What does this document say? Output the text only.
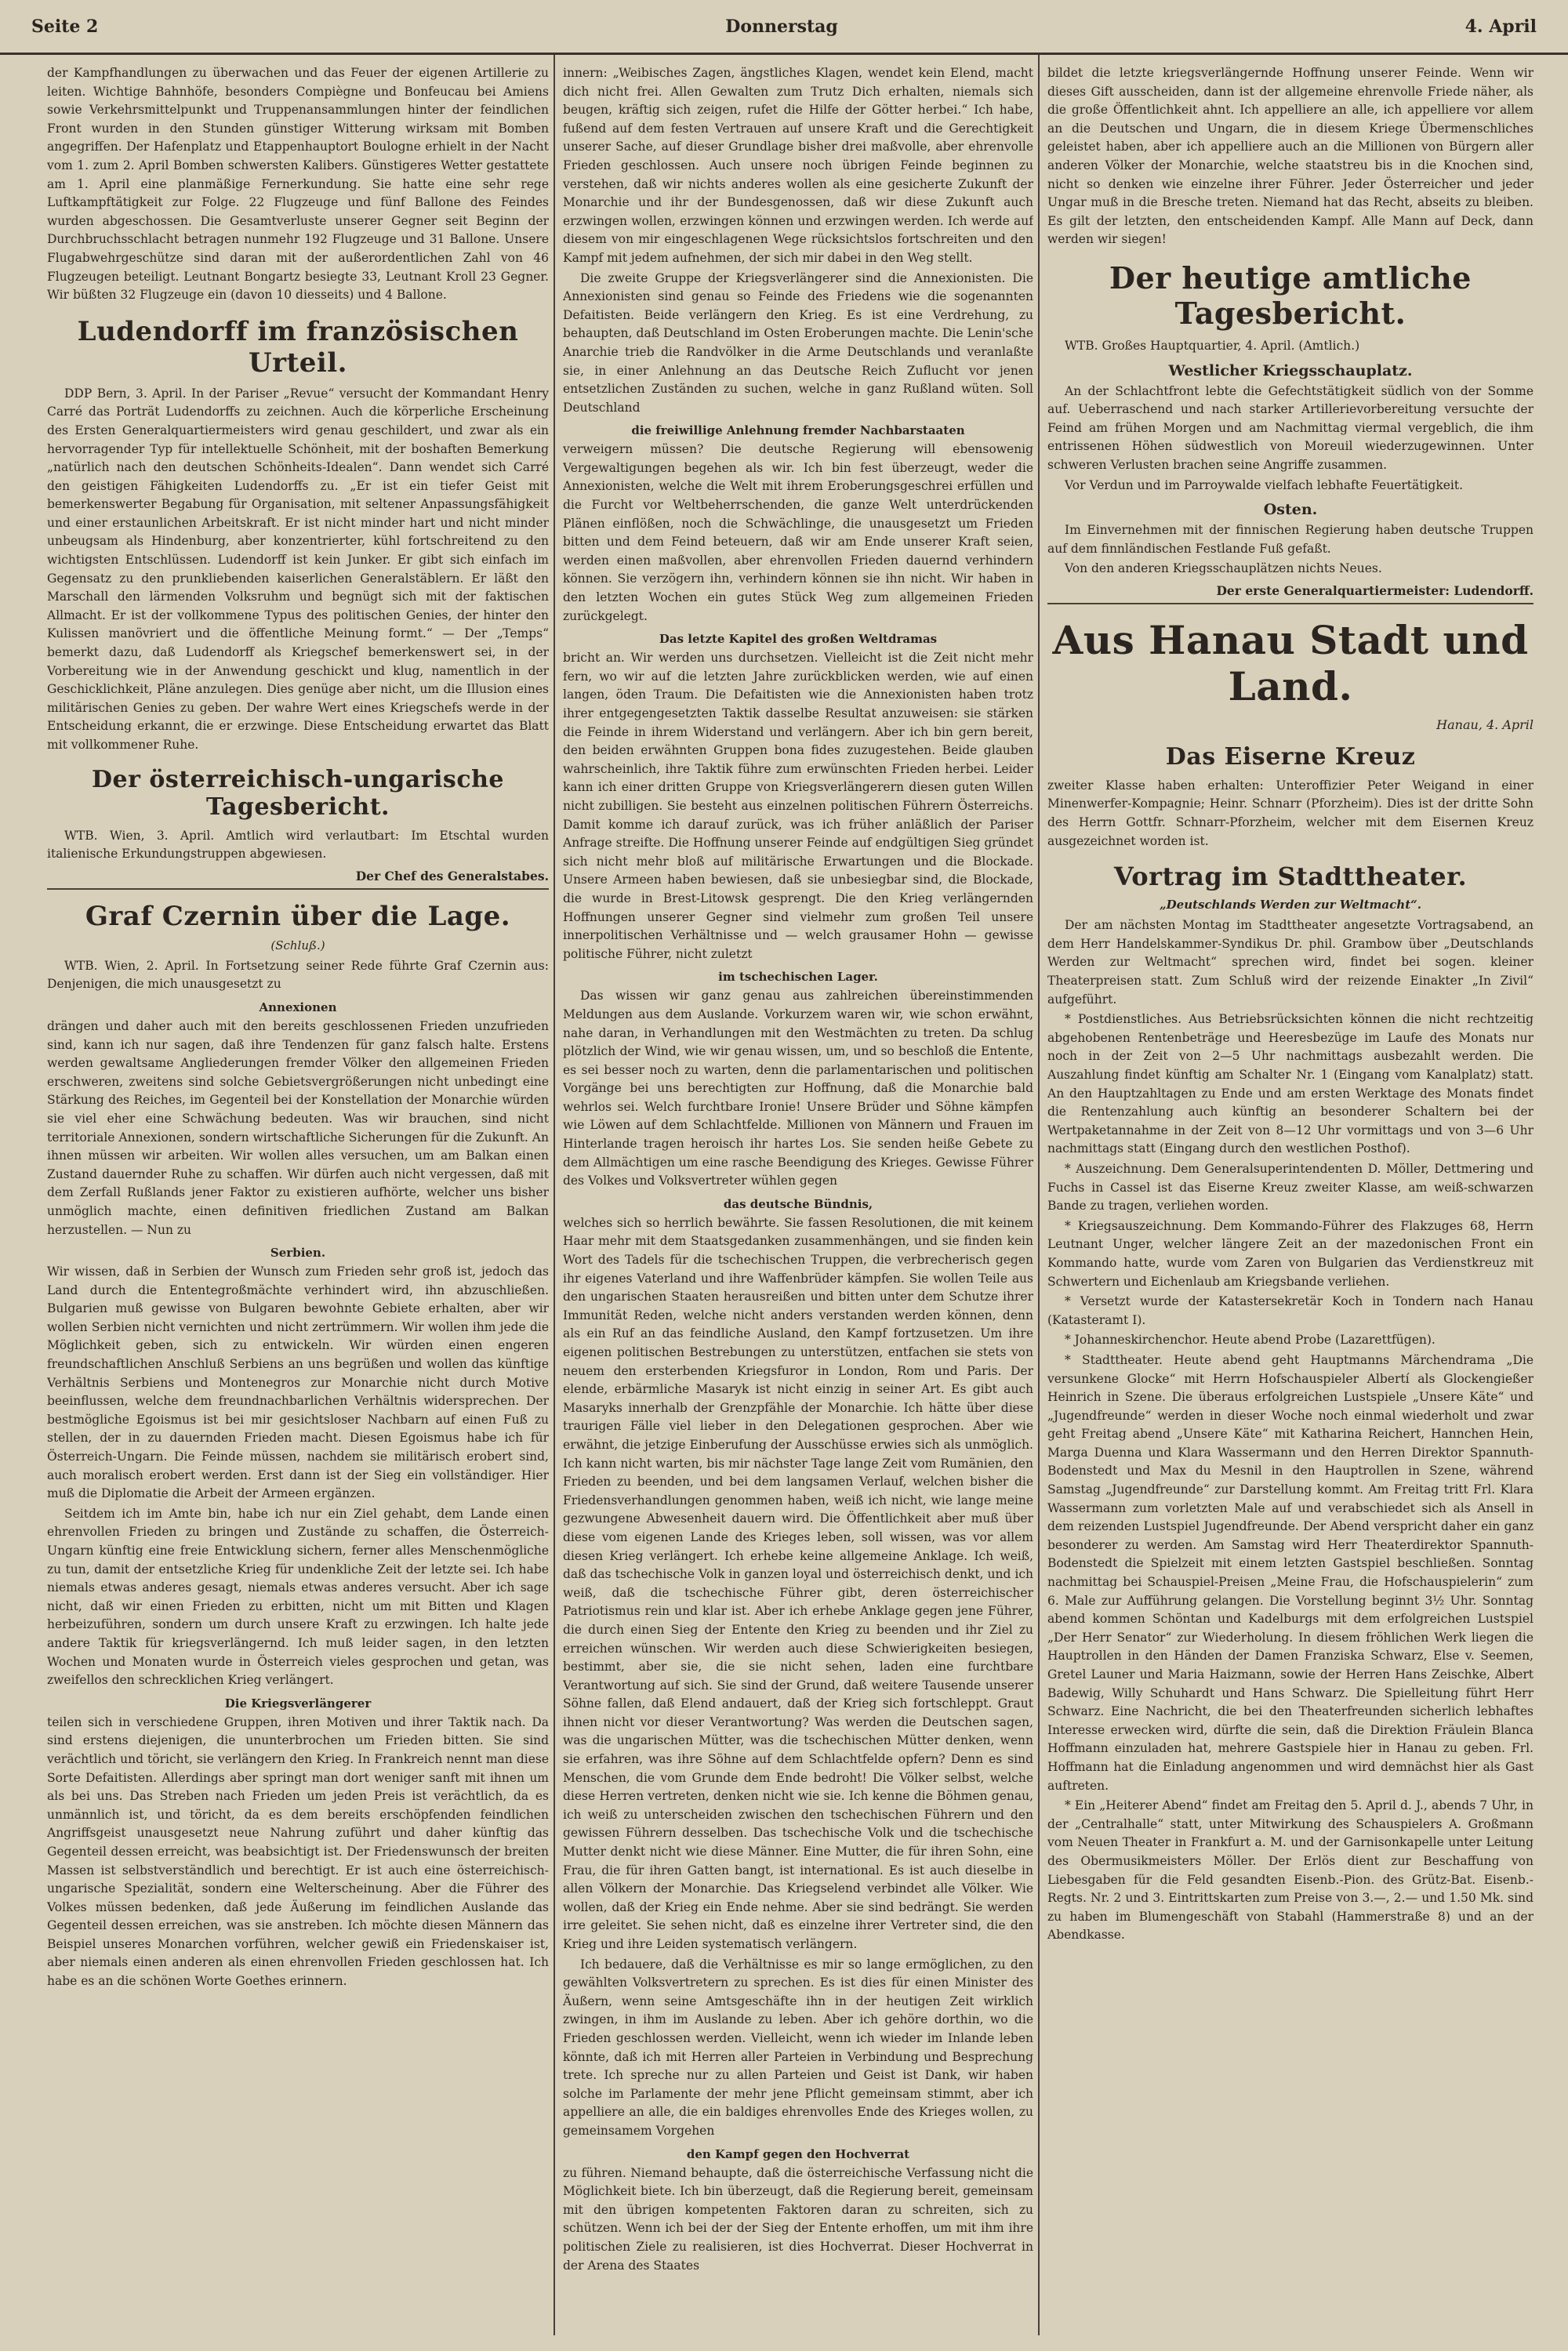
Seite 2	Donnerstag	4. April

der Kampfhandlungen zu überwachen und das Feuer der eigenen Artillerie zu leiten. Wichtige Bahnhöfe, besonders Compiègne und Bonfeucau bei Amiens sowie Verkehrsmittelpunkt und Truppenansammlungen hinter der feindlichen Front wurden in den Stunden günstiger Witterung wirksam mit Bomben angegriffen. Der Hafenplatz und Etappenhauptort Boulogne erhielt in der Nacht vom 1. zum 2. April Bomben schwersten Kalibers. Günstigeres Wetter gestattete am 1. April eine planmäßige Fernerkundung. Sie hatte eine sehr rege Luftkampftätigkeit zur Folge. 22 Flugzeuge und fünf Ballone des Feindes wurden abgeschossen. Die Gesamtverluste unserer Gegner seit Beginn der Durchbruchsschlacht betragen nunmehr 192 Flugzeuge und 31 Ballone. Unsere Flugabwehrgeschütze sind daran mit der außerordentlichen Zahl von 46 Flugzeugen beteiligt. Leutnant Bongartz besiegte 33, Leutnant Kroll 23 Gegner. Wir büßten 32 Flugzeuge ein (davon 10 diesseits) und 4 Ballone.

Ludendorff im französischen Urteil.

DDP Bern, 3. April. In der Pariser „Revue“ versucht der Kommandant Henry Carré das Porträt Ludendorffs zu zeichnen. Auch die körperliche Erscheinung des Ersten Generalquartiermeisters wird genau geschildert, und zwar als ein hervorragender Typ für intellektuelle Schönheit, mit der boshaften Bemerkung „natürlich nach den deutschen Schönheits-Idealen“. Dann wendet sich Carré den geistigen Fähigkeiten Ludendorffs zu. „Er ist ein tiefer Geist mit bemerkenswerter Begabung für Organisation, mit seltener Anpassungsfähigkeit und einer erstaunlichen Arbeitskraft. Er ist nicht minder hart und nicht minder unbeugsam als Hindenburg, aber konzentrierter, kühl fortschreitend zu den wichtigsten Entschlüssen. Ludendorff ist kein Junker. Er gibt sich einfach im Gegensatz zu den prunkliebenden kaiserlichen Generalstäblern. Er läßt den Marschall den lärmenden Volksruhm und begnügt sich mit der faktischen Allmacht. Er ist der vollkommene Typus des politischen Genies, der hinter den Kulissen manövriert und die öffentliche Meinung formt.“ — Der „Temps“ bemerkt dazu, daß Ludendorff als Kriegschef bemerkenswert sei, in der Vorbereitung wie in der Anwendung geschickt und klug, namentlich in der Geschicklichkeit, Pläne anzulegen. Dies genüge aber nicht, um die Illusion eines militärischen Genies zu geben. Der wahre Wert eines Kriegschefs werde in der Entscheidung erkannt, die er erzwinge. Diese Entscheidung erwartet das Blatt mit vollkommener Ruhe.

Der österreichisch-ungarische Tagesbericht.

WTB. Wien, 3. April. Amtlich wird verlautbart: Im Etschtal wurden italienische Erkundungstruppen abgewiesen.

Der Chef des Generalstabes.
Graf Czernin über die Lage.
(Schluß.)

WTB. Wien, 2. April. In Fortsetzung seiner Rede führte Graf Czernin aus: Denjenigen, die mich unausgesetzt zu

Annexionen

drängen und daher auch mit den bereits geschlossenen Frieden unzufrieden sind, kann ich nur sagen, daß ihre Tendenzen für ganz falsch halte. Erstens werden gewaltsame Angliederungen fremder Völker den allgemeinen Frieden erschweren, zweitens sind solche Gebietsvergrößerungen nicht unbedingt eine Stärkung des Reiches, im Gegenteil bei der Konstellation der Monarchie würden sie viel eher eine Schwächung bedeuten. Was wir brauchen, sind nicht territoriale Annexionen, sondern wirtschaftliche Sicherungen für die Zukunft. An ihnen müssen wir arbeiten. Wir wollen alles versuchen, um am Balkan einen Zustand dauernder Ruhe zu schaffen. Wir dürfen auch nicht vergessen, daß mit dem Zerfall Rußlands jener Faktor zu existieren aufhörte, welcher uns bisher unmöglich machte, einen definitiven friedlichen Zustand am Balkan herzustellen. — Nun zu

Serbien.

Wir wissen, daß in Serbien der Wunsch zum Frieden sehr groß ist, jedoch das Land durch die Ententegroßmächte verhindert wird, ihn abzuschließen. Bulgarien muß gewisse von Bulgaren bewohnte Gebiete erhalten, aber wir wollen Serbien nicht vernichten und nicht zertrümmern. Wir wollen ihm jede die Möglichkeit geben, sich zu entwickeln. Wir würden einen engeren freundschaftlichen Anschluß Serbiens an uns begrüßen und wollen das künftige Verhältnis Serbiens und Montenegros zur Monarchie nicht durch Motive beeinflussen, welche dem freundnachbarlichen Verhältnis widersprechen. Der bestmögliche Egoismus ist bei mir gesichtsloser Nachbarn auf einen Fuß zu stellen, der in zu dauernden Frieden macht. Diesen Egoismus habe ich für Österreich-Ungarn. Die Feinde müssen, nachdem sie militärisch erobert sind, auch moralisch erobert werden. Erst dann ist der Sieg ein vollständiger. Hier muß die Diplomatie die Arbeit der Armeen ergänzen.

Seitdem ich im Amte bin, habe ich nur ein Ziel gehabt, dem Lande einen ehrenvollen Frieden zu bringen und Zustände zu schaffen, die Österreich-Ungarn künftig eine freie Entwicklung sichern, ferner alles Menschenmögliche zu tun, damit der entsetzliche Krieg für undenkliche Zeit der letzte sei. Ich habe niemals etwas anderes gesagt, niemals etwas anderes versucht. Aber ich sage nicht, daß wir einen Frieden zu erbitten, nicht um mit Bitten und Klagen herbeizuführen, sondern um durch unsere Kraft zu erzwingen. Ich halte jede andere Taktik für kriegsverlängernd. Ich muß leider sagen, in den letzten Wochen und Monaten wurde in Österreich vieles gesprochen und getan, was zweifellos den schrecklichen Krieg verlängert.

Die Kriegsverlängerer

teilen sich in verschiedene Gruppen, ihren Motiven und ihrer Taktik nach. Da sind erstens diejenigen, die ununterbrochen um Frieden bitten. Sie sind verächtlich und töricht, sie verlängern den Krieg. In Frankreich nennt man diese Sorte Defaitisten. Allerdings aber springt man dort weniger sanft mit ihnen um als bei uns. Das Streben nach Frieden um jeden Preis ist verächtlich, da es unmännlich ist, und töricht, da es dem bereits erschöpfenden feindlichen Angriffsgeist unausgesetzt neue Nahrung zuführt und daher künftig das Gegenteil dessen erreicht, was beabsichtigt ist. Der Friedenswunsch der breiten Massen ist selbstverständlich und berechtigt. Er ist auch eine österreichisch-ungarische Spezialität, sondern eine Welterscheinung. Aber die Führer des Volkes müssen bedenken, daß jede Äußerung im feindlichen Auslande das Gegenteil dessen erreichen, was sie anstreben. Ich möchte diesen Männern das Beispiel unseres Monarchen vorführen, welcher gewiß ein Friedenskaiser ist, aber niemals einen anderen als einen ehrenvollen Frieden geschlossen hat. Ich habe es an die schönen Worte Goethes erinnern.

innern: „Weibisches Zagen, ängstliches Klagen, wendet kein Elend, macht dich nicht frei. Allen Gewalten zum Trutz Dich erhalten, niemals sich beugen, kräftig sich zeigen, rufet die Hilfe der Götter herbei.“ Ich habe, fußend auf dem festen Vertrauen auf unsere Kraft und die Gerechtigkeit unserer Sache, auf dieser Grundlage bisher drei maßvolle, aber ehrenvolle Frieden geschlossen. Auch unsere noch übrigen Feinde beginnen zu verstehen, daß wir nichts anderes wollen als eine gesicherte Zukunft der Monarchie und ihr der Bundesgenossen, daß wir diese Zukunft auch erzwingen wollen, erzwingen können und erzwingen werden. Ich werde auf diesem von mir eingeschlagenen Wege rücksichtslos fortschreiten und den Kampf mit jedem aufnehmen, der sich mir dabei in den Weg stellt.

Die zweite Gruppe der Kriegsverlängerer sind die Annexionisten. Die Annexionisten sind genau so Feinde des Friedens wie die sogenannten Defaitisten. Beide verlängern den Krieg. Es ist eine Verdrehung, zu behaupten, daß Deutschland im Osten Eroberungen machte. Die Lenin'sche Anarchie trieb die Randvölker in die Arme Deutschlands und veranlaßte sie, in einer Anlehnung an das Deutsche Reich Zuflucht vor jenen entsetzlichen Zuständen zu suchen, welche in ganz Rußland wüten. Soll Deutschland

die freiwillige Anlehnung fremder Nachbarstaaten

verweigern müssen? Die deutsche Regierung will ebensowenig Vergewaltigungen begehen als wir. Ich bin fest überzeugt, weder die Annexionisten, welche die Welt mit ihrem Eroberungsgeschrei erfüllen und die Furcht vor Weltbeherrschenden, die ganze Welt unterdrückenden Plänen einflößen, noch die Schwächlinge, die unausgesetzt um Frieden bitten und dem Feind beteuern, daß wir am Ende unserer Kraft seien, werden einen maßvollen, aber ehrenvollen Frieden dauernd verhindern können. Sie verzögern ihn, verhindern können sie ihn nicht. Wir haben in den letzten Wochen ein gutes Stück Weg zum allgemeinen Frieden zurückgelegt.

Das letzte Kapitel des großen Weltdramas

bricht an. Wir werden uns durchsetzen. Vielleicht ist die Zeit nicht mehr fern, wo wir auf die letzten Jahre zurückblicken werden, wie auf einen langen, öden Traum. Die Defaitisten wie die Annexionisten haben trotz ihrer entgegengesetzten Taktik dasselbe Resultat anzuweisen: sie stärken die Feinde in ihrem Widerstand und verlängern. Aber ich bin gern bereit, den beiden erwähnten Gruppen bona fides zuzugestehen. Beide glauben wahrscheinlich, ihre Taktik führe zum erwünschten Frieden herbei. Leider kann ich einer dritten Gruppe von Kriegsverlängerern diesen guten Willen nicht zubilligen. Sie besteht aus einzelnen politischen Führern Österreichs. Damit komme ich darauf zurück, was ich früher anläßlich der Pariser Anfrage streifte. Die Hoffnung unserer Feinde auf endgültigen Sieg gründet sich nicht mehr bloß auf militärische Erwartungen und die Blockade. Unsere Armeen haben bewiesen, daß sie unbesiegbar sind, die Blockade, die wurde in Brest-Litowsk gesprengt. Die den Krieg verlängernden Hoffnungen unserer Gegner sind vielmehr zum großen Teil unsere innerpolitischen Verhältnisse und — welch grausamer Hohn — gewisse politische Führer, nicht zuletzt

im tschechischen Lager.

Das wissen wir ganz genau aus zahlreichen übereinstimmenden Meldungen aus dem Auslande. Vorkurzem waren wir, wie schon erwähnt, nahe daran, in Verhandlungen mit den Westmächten zu treten. Da schlug plötzlich der Wind, wie wir genau wissen, um, und so beschloß die Entente, es sei besser noch zu warten, denn die parlamentarischen und politischen Vorgänge bei uns berechtigten zur Hoffnung, daß die Monarchie bald wehrlos sei. Welch furchtbare Ironie! Unsere Brüder und Söhne kämpfen wie Löwen auf dem Schlachtfelde. Millionen von Männern und Frauen im Hinterlande tragen heroisch ihr hartes Los. Sie senden heiße Gebete zu dem Allmächtigen um eine rasche Beendigung des Krieges. Gewisse Führer des Volkes und Volksvertreter wühlen gegen

das deutsche Bündnis,

welches sich so herrlich bewährte. Sie fassen Resolutionen, die mit keinem Haar mehr mit dem Staatsgedanken zusammenhängen, und sie finden kein Wort des Tadels für die tschechischen Truppen, die verbrecherisch gegen ihr eigenes Vaterland und ihre Waffenbrüder kämpfen. Sie wollen Teile aus den ungarischen Staaten herausreißen und bitten unter dem Schutze ihrer Immunität Reden, welche nicht anders verstanden werden können, denn als ein Ruf an das feindliche Ausland, den Kampf fortzusetzen. Um ihre eigenen politischen Bestrebungen zu unterstützen, entfachen sie stets von neuem den ersterbenden Kriegsfuror in London, Rom und Paris. Der elende, erbärmliche Masaryk ist nicht einzig in seiner Art. Es gibt auch Masaryks innerhalb der Grenzpfähle der Monarchie. Ich hätte über diese traurigen Fälle viel lieber in den Delegationen gesprochen. Aber wie erwähnt, die jetzige Einberufung der Ausschüsse erwies sich als unmöglich. Ich kann nicht warten, bis mir nächster Tage lange Zeit vom Rumänien, den Frieden zu beenden, und bei dem langsamen Verlauf, welchen bisher die Friedensverhandlungen genommen haben, weiß ich nicht, wie lange meine gezwungene Abwesenheit dauern wird. Die Öffentlichkeit aber muß über diese vom eigenen Lande des Krieges leben, soll wissen, was vor allem diesen Krieg verlängert. Ich erhebe keine allgemeine Anklage. Ich weiß, daß das tschechische Volk in ganzen loyal und österreichisch denkt, und ich weiß, daß die tschechische Führer gibt, deren österreichischer Patriotismus rein und klar ist. Aber ich erhebe Anklage gegen jene Führer, die durch einen Sieg der Entente den Krieg zu beenden und ihr Ziel zu erreichen wünschen. Wir werden auch diese Schwierigkeiten besiegen, bestimmt, aber sie, die sie nicht sehen, laden eine furchtbare Verantwortung auf sich. Sie sind der Grund, daß weitere Tausende unserer Söhne fallen, daß Elend andauert, daß der Krieg sich fortschleppt. Graut ihnen nicht vor dieser Verantwortung? Was werden die Deutschen sagen, was die ungarischen Mütter, was die tschechischen Mütter denken, wenn sie erfahren, was ihre Söhne auf dem Schlachtfelde opfern? Denn es sind Menschen, die vom Grunde dem Ende bedroht! Die Völker selbst, welche diese Herren vertreten, denken nicht wie sie. Ich kenne die Böhmen genau, ich weiß zu unterscheiden zwischen den tschechischen Führern und den gewissen Führern desselben. Das tschechische Volk und die tschechische Mutter denkt nicht wie diese Männer. Eine Mutter, die für ihren Sohn, eine Frau, die für ihren Gatten bangt, ist international. Es ist auch dieselbe in allen Völkern der Monarchie. Das Kriegselend verbindet alle Völker. Wie wollen, daß der Krieg ein Ende nehme. Aber sie sind bedrängt. Sie werden irre geleitet. Sie sehen nicht, daß es einzelne ihrer Vertreter sind, die den Krieg und ihre Leiden systematisch verlängern.

Ich bedauere, daß die Verhältnisse es mir so lange ermöglichen, zu den gewählten Volksvertretern zu sprechen. Es ist dies für einen Minister des Äußern, wenn seine Amtsgeschäfte ihn in der heutigen Zeit wirklich zwingen, in ihm im Auslande zu leben. Aber ich gehöre dorthin, wo die Frieden geschlossen werden. Vielleicht, wenn ich wieder im Inlande leben könnte, daß ich mit Herren aller Parteien in Verbindung und Besprechung trete. Ich spreche nur zu allen Parteien und Geist ist Dank, wir haben solche im Parlamente der mehr jene Pflicht gemeinsam stimmt, aber ich appelliere an alle, die ein baldiges ehrenvolles Ende des Krieges wollen, zu gemeinsamem Vorgehen

den Kampf gegen den Hochverrat

zu führen. Niemand behaupte, daß die österreichische Verfassung nicht die Möglichkeit biete. Ich bin überzeugt, daß die Regierung bereit, gemeinsam mit den übrigen kompetenten Faktoren daran zu schreiten, sich zu schützen. Wenn ich bei der der Sieg der Entente erhoffen, um mit ihm ihre politischen Ziele zu realisieren, ist dies Hochverrat. Dieser Hochverrat in der Arena des Staates

bildet die letzte kriegsverlängernde Hoffnung unserer Feinde. Wenn wir dieses Gift ausscheiden, dann ist der allgemeine ehrenvolle Friede näher, als die große Öffentlichkeit ahnt. Ich appelliere an alle, ich appelliere vor allem an die Deutschen und Ungarn, die in diesem Kriege Übermenschliches geleistet haben, aber ich appelliere auch an die Millionen von Bürgern aller anderen Völker der Monarchie, welche staatstreu bis in die Knochen sind, nicht so denken wie einzelne ihrer Führer. Jeder Österreicher und jeder Ungar muß in die Bresche treten. Niemand hat das Recht, abseits zu bleiben. Es gilt der letzten, den entscheidenden Kampf. Alle Mann auf Deck, dann werden wir siegen!

Der heutige amtliche Tagesbericht.

WTB. Großes Hauptquartier, 4. April. (Amtlich.)

Westlicher Kriegsschauplatz.

An der Schlachtfront lebte die Gefechtstätigkeit südlich von der Somme auf. Ueberraschend und nach starker Artillerievorbereitung versuchte der Feind am frühen Morgen und am Nachmittag viermal vergeblich, die ihm entrissenen Höhen südwestlich von Moreuil wiederzugewinnen. Unter schweren Verlusten brachen seine Angriffe zusammen.

Vor Verdun und im Parroywalde vielfach lebhafte Feuertätigkeit.

Osten.

Im Einvernehmen mit der finnischen Regierung haben deutsche Truppen auf dem finnländischen Festlande Fuß gefaßt.

Von den anderen Kriegsschauplätzen nichts Neues.

Der erste Generalquartiermeister: Ludendorff.
Aus Hanau Stadt und Land.
Hanau, 4. April
Das Eiserne Kreuz

zweiter Klasse haben erhalten: Unteroffizier Peter Weigand in einer Minenwerfer-Kompagnie; Heinr. Schnarr (Pforzheim). Dies ist der dritte Sohn des Herrn Gottfr. Schnarr-Pforzheim, welcher mit dem Eisernen Kreuz ausgezeichnet worden ist.

Vortrag im Stadttheater.
„Deutschlands Werden zur Weltmacht“.

Der am nächsten Montag im Stadttheater angesetzte Vortragsabend, an dem Herr Handelskammer-Syndikus Dr. phil. Grambow über „Deutschlands Werden zur Weltmacht“ sprechen wird, findet bei sogen. kleiner Theaterpreisen statt. Zum Schluß wird der reizende Einakter „In Zivil“ aufgeführt.

* Postdienstliches. Aus Betriebsrücksichten können die nicht rechtzeitig abgehobenen Rentenbeträge und Heeresbezüge im Laufe des Monats nur noch in der Zeit von 2—5 Uhr nachmittags ausbezahlt werden. Die Auszahlung findet künftig am Schalter Nr. 1 (Eingang vom Kanalplatz) statt. An den Hauptzahltagen zu Ende und am ersten Werktage des Monats findet die Rentenzahlung auch künftig an besonderer Schaltern bei der Wertpaketannahme in der Zeit von 8—12 Uhr vormittags und von 3—6 Uhr nachmittags statt (Eingang durch den westlichen Posthof).

* Auszeichnung. Dem Generalsuperintendenten D. Möller, Dettmering und Fuchs in Cassel ist das Eiserne Kreuz zweiter Klasse, am weiß-schwarzen Bande zu tragen, verliehen worden.

* Kriegsauszeichnung. Dem Kommando-Führer des Flakzuges 68, Herrn Leutnant Unger, welcher längere Zeit an der mazedonischen Front ein Kommando hatte, wurde vom Zaren von Bulgarien das Verdienstkreuz mit Schwertern und Eichenlaub am Kriegsbande verliehen.

* Versetzt wurde der Katastersekretär Koch in Tondern nach Hanau (Katasteramt I).

* Johanneskirchenchor. Heute abend Probe (Lazarettfügen).

* Stadttheater. Heute abend geht Hauptmanns Märchendrama „Die versunkene Glocke“ mit Herrn Hofschauspieler Albertí als Glockengießer Heinrich in Szene. Die überaus erfolgreichen Lustspiele „Unsere Käte“ und „Jugendfreunde“ werden in dieser Woche noch einmal wiederholt und zwar geht Freitag abend „Unsere Käte“ mit Katharina Reichert, Hannchen Hein, Marga Duenna und Klara Wassermann und den Herren Direktor Spannuth-Bodenstedt und Max du Mesnil in den Hauptrollen in Szene, während Samstag „Jugendfreunde“ zur Darstellung kommt. Am Freitag tritt Frl. Klara Wassermann zum vorletzten Male auf und verabschiedet sich als Ansell in dem reizenden Lustspiel Jugendfreunde. Der Abend verspricht daher ein ganz besonderer zu werden. Am Samstag wird Herr Theaterdirektor Spannuth-Bodenstedt die Spielzeit mit einem letzten Gastspiel beschließen. Sonntag nachmittag bei Schauspiel-Preisen „Meine Frau, die Hofschauspielerin“ zum 6. Male zur Aufführung gelangen. Die Vorstellung beginnt 3½ Uhr. Sonntag abend kommen Schöntan und Kadelburgs mit dem erfolgreichen Lustspiel „Der Herr Senator“ zur Wiederholung. In diesem fröhlichen Werk liegen die Hauptrollen in den Händen der Damen Franziska Schwarz, Else v. Seemen, Gretel Launer und Maria Haizmann, sowie der Herren Hans Zeischke, Albert Badewig, Willy Schuhardt und Hans Schwarz. Die Spielleitung führt Herr Schwarz. Eine Nachricht, die bei den Theaterfreunden sicherlich lebhaftes Interesse erwecken wird, dürfte die sein, daß die Direktion Fräulein Blanca Hoffmann einzuladen hat, mehrere Gastspiele hier in Hanau zu geben. Frl. Hoffmann hat die Einladung angenommen und wird demnächst hier als Gast auftreten.

* Ein „Heiterer Abend“ findet am Freitag den 5. April d. J., abends 7 Uhr, in der „Centralhalle“ statt, unter Mitwirkung des Schauspielers A. Großmann vom Neuen Theater in Frankfurt a. M. und der Garnisonkapelle unter Leitung des Obermusikmeisters Möller. Der Erlös dient zur Beschaffung von Liebesgaben für die Feld gesandten Eisenb.-Pion. des Grütz-Bat. Eisenb.-Regts. Nr. 2 und 3. Eintrittskarten zum Preise von 3.—, 2.— und 1.50 Mk. sind zu haben im Blumengeschäft von Stabahl (Hammerstraße 8) und an der Abendkasse.
